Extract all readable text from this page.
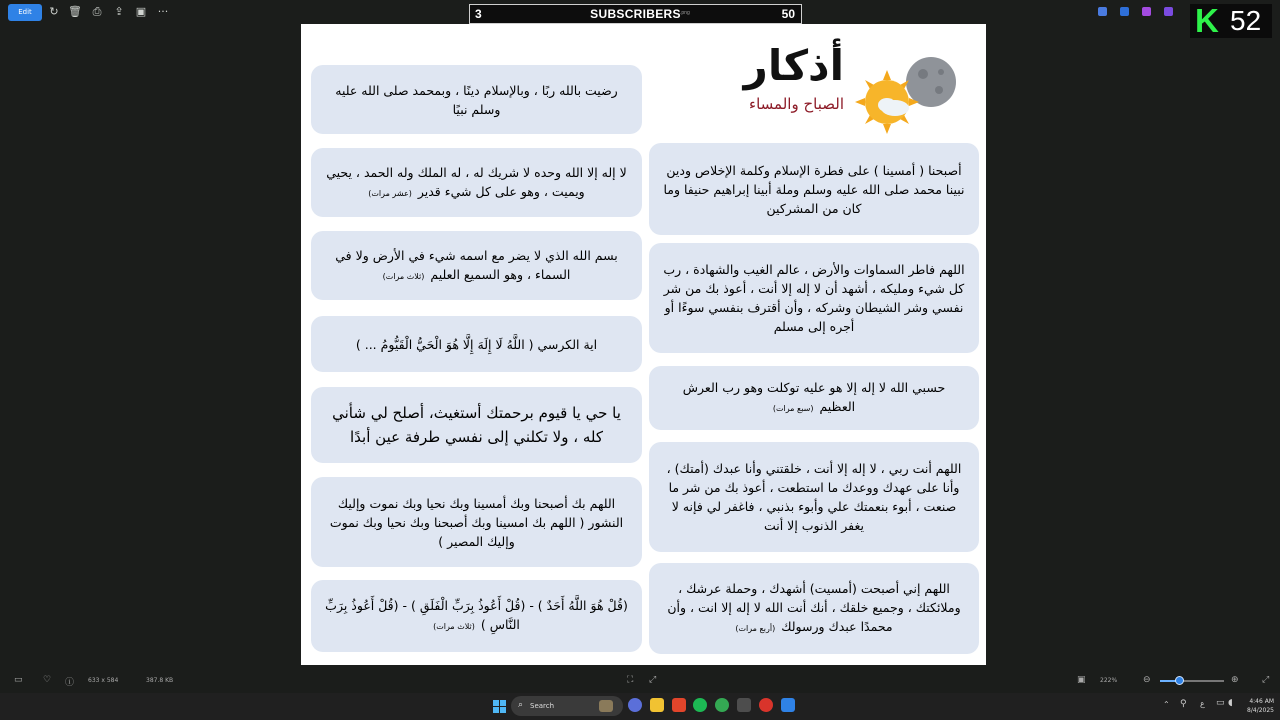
Edit	↻ 🗑 ⎙ ⇪ ▣ ···	3	SUBSCRIBERS .png	50	K 52
أذكار
الصباح والمساء
رضيت بالله ربًا ، وبالإسلام دينًا ، وبمحمد صلى الله عليه وسلم نبيًا
لا إله إلا الله وحده لا شريك له ، له الملك وله الحمد ، يحيي ويميت ، وهو على كل شيء قدير(عشر مرات)
بسم الله الذي لا يضر مع اسمه شيء في الأرض ولا في السماء ، وهو السميع العليم(ثلاث مرات)
اية الكرسي ( اللَّهُ لَا إِلَهَ إِلَّا هُوَ الْحَيُّ الْقَيُّومُ ... )
يا حي يا قيوم برحمتك أستغيث، أصلح لي شأني كله ، ولا تكلني إلى نفسي طرفة عين أبدًا
اللهم بك أصبحنا وبك أمسينا وبك نحيا وبك نموت وإليك النشور ( اللهم بك امسينا وبك أصبحنا وبك نحيا وبك نموت وإليك المصير )
(قُلْ هُوَ اللَّهُ أَحَدٌ ) - (قُلْ أَعُوذُ بِرَبِّ الْفَلَقِ ) - (قُلْ أَعُوذُ بِرَبِّ النَّاسِ )(ثلاث مرات)
أصبحنا ( أمسينا ) على فطرة الإسلام وكلمة الإخلاص ودين نبينا محمد صلى الله عليه وسلم وملة أبينا إبراهيم حنيفا وما كان من المشركين
اللهم فاطر السماوات والأرض ، عالم الغيب والشهادة ، رب كل شيء ومليكه ، أشهد أن لا إله إلا أنت ، أعوذ بك من شر نفسي وشر الشيطان وشركه ، وأن أقترف بنفسي سوءًا أو أجره إلى مسلم
حسبي الله لا إله إلا هو عليه توكلت وهو رب العرش العظيم(سبع مرات)
اللهم أنت ربي ، لا إله إلا أنت ، خلقتني وأنا عبدك (أمتك) ، وأنا على عهدك ووعدك ما استطعت ، أعوذ بك من شر ما صنعت ، أبوء بنعمتك علي وأبوء بذنبي ، فاغفر لي فإنه لا يغفر الذنوب إلا أنت
اللهم إني أصبحت (أمسيت) أشهدك ، وحملة عرشك ، وملائكتك ، وجميع خلقك ، أنك أنت الله لا إله إلا انت ، وأن محمدًا عبدك ورسولك(أربع مرات)
▭ ♡ ⓘ 633 x 584	387.8 KB	⛶ ⤢	▣ 222%	⊖	⊕	⤢
⌕ Search	⌃ ⚲ ع ▭ ◖	4:46 AM
8/4/2025
